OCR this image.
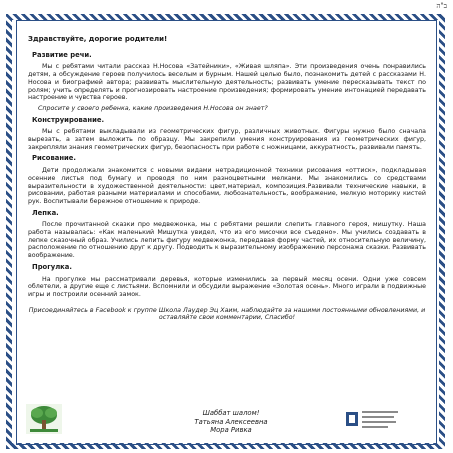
ב"ה

Здравствуйте, дорогие родители!

Развитие речи.

Мы с ребятами читали рассказ Н.Носова «Затейники», «Живая шляпа». Эти произведения очень понравились детям, а обсуждение героев получилось веселым и бурным. Нашей целью было, познакомить детей с рассказами Н. Носова и биографией автора; развивать мыслительную деятельность; развивать умение пересказывать текст по ролям; учить определять и прогнозировать настроение произведения; формировать умение интонацией передавать настроение и чувства героев.

Спросите у своего ребенка, какие произведения Н.Носова он знает?

Конструирование.

Мы с ребятами выкладывали из геометрических фигур, различных животных. Фигуры нужно было сначала вырезать, а затем выложить по образцу. Мы закрепили умения конструирования из геометрических фигур, закрепляли знания геометрических фигур, безопасность при работе с ножницами, аккуратность, развивали память.

Рисование.

Дети продолжали знакомится с новыми видами нетрадиционной техники рисования «оттиск», подкладывая осенние листья под бумагу и проводя по ним разноцветными мелками. Мы знакомились со средствами выразительности в художественной деятельности: цвет,материал, композиция.Развивали технические навыки, в рисовании, работая разными материалами и способами, любознательность, воображение, мелкую моторику кистей рук. Воспитывали бережное отношение к природе.

Лепка.

После прочитанной сказки про медвежонка, мы с ребятами решили слепить главного героя, мишутку. Наша работа называлась: «Как маленький Мишутка увидел, что из его мисочки все съедено». Мы учились создавать в лепке сказочный образ. Учились лепить фигуру медвежонка, передавая форму частей, их относительную величину, расположение по отношению друг к другу. Подводить к выразительному изображению персонажа сказки. Развивать воображение.

Прогулка.

На прогулке мы рассматривали деревья, которые изменились за первый месяц осени. Одни уже совсем облетели, а другие еще с листьями. Вспомнили и обсудили выражение «Золотая осень». Много играли в подвижные игры и построили осенний замок.

Присоединяйтесь в Facebook к группе Школа Лаудер Эц Хаим, наблюдайте за нашими постоянными обновлениями, и оставляйте свои комментарии, Спасибо!

Шаббат шалом!
Татьяна Алексеевна
Мора Ривка
